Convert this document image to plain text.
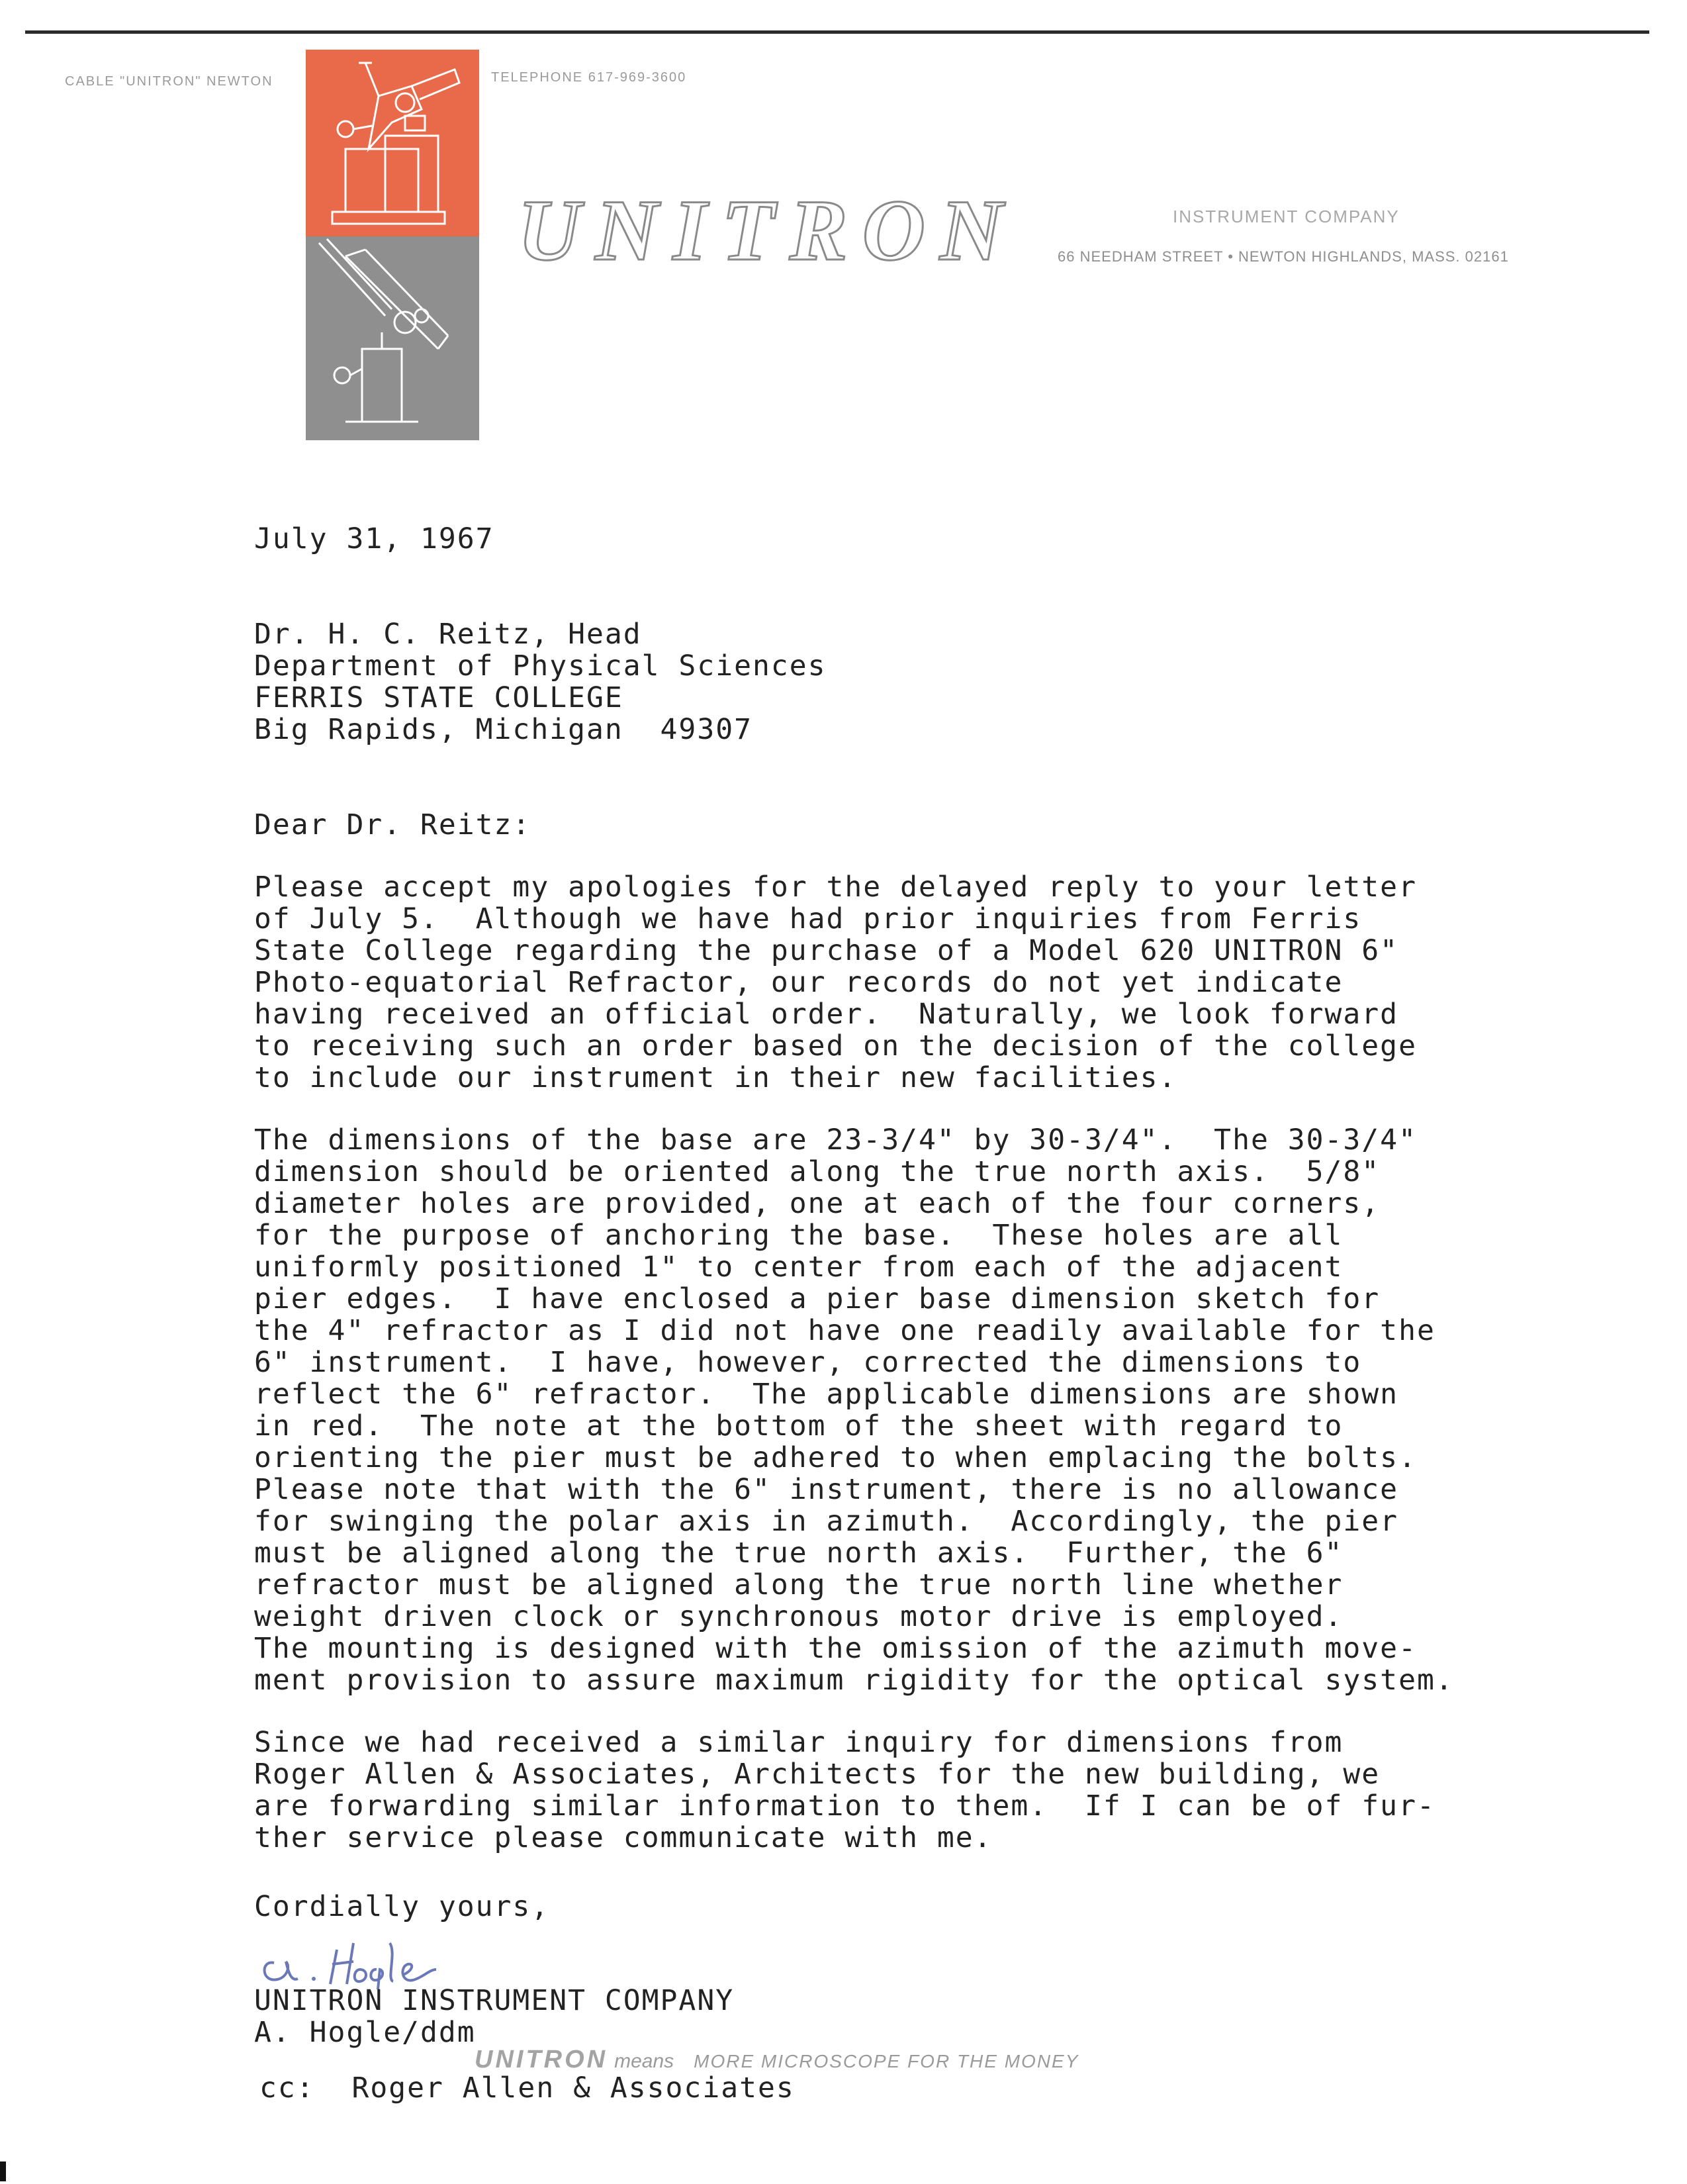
CABLE "UNITRON" NEWTON	TELEPHONE 617-969-3600
UNITRON	INSTRUMENT COMPANY
66 NEEDHAM STREET • NEWTON HIGHLANDS, MASS. 02161
July 31, 1967
Dr. H. C. Reitz, Head
Department of Physical Sciences
FERRIS STATE COLLEGE
Big Rapids, Michigan  49307
Dear Dr. Reitz:
Please accept my apologies for the delayed reply to your letter
of July 5.  Although we have had prior inquiries from Ferris
State College regarding the purchase of a Model 620 UNITRON 6"
Photo-equatorial Refractor, our records do not yet indicate
having received an official order.  Naturally, we look forward
to receiving such an order based on the decision of the college
to include our instrument in their new facilities.
The dimensions of the base are 23-3/4" by 30-3/4".  The 30-3/4"
dimension should be oriented along the true north axis.  5/8"
diameter holes are provided, one at each of the four corners,
for the purpose of anchoring the base.  These holes are all
uniformly positioned 1" to center from each of the adjacent
pier edges.  I have enclosed a pier base dimension sketch for
the 4" refractor as I did not have one readily available for the
6" instrument.  I have, however, corrected the dimensions to
reflect the 6" refractor.  The applicable dimensions are shown
in red.  The note at the bottom of the sheet with regard to
orienting the pier must be adhered to when emplacing the bolts.
Please note that with the 6" instrument, there is no allowance
for swinging the polar axis in azimuth.  Accordingly, the pier
must be aligned along the true north axis.  Further, the 6"
refractor must be aligned along the true north line whether
weight driven clock or synchronous motor drive is employed.
The mounting is designed with the omission of the azimuth move-
ment provision to assure maximum rigidity for the optical system.
Since we had received a similar inquiry for dimensions from
Roger Allen & Associates, Architects for the new building, we
are forwarding similar information to them.  If I can be of fur-
ther service please communicate with me.
Cordially yours,
UNITRON INSTRUMENT COMPANY
A. Hogle/ddm
UNITRON means MORE MICROSCOPE FOR THE MONEY
cc:  Roger Allen & Associates
